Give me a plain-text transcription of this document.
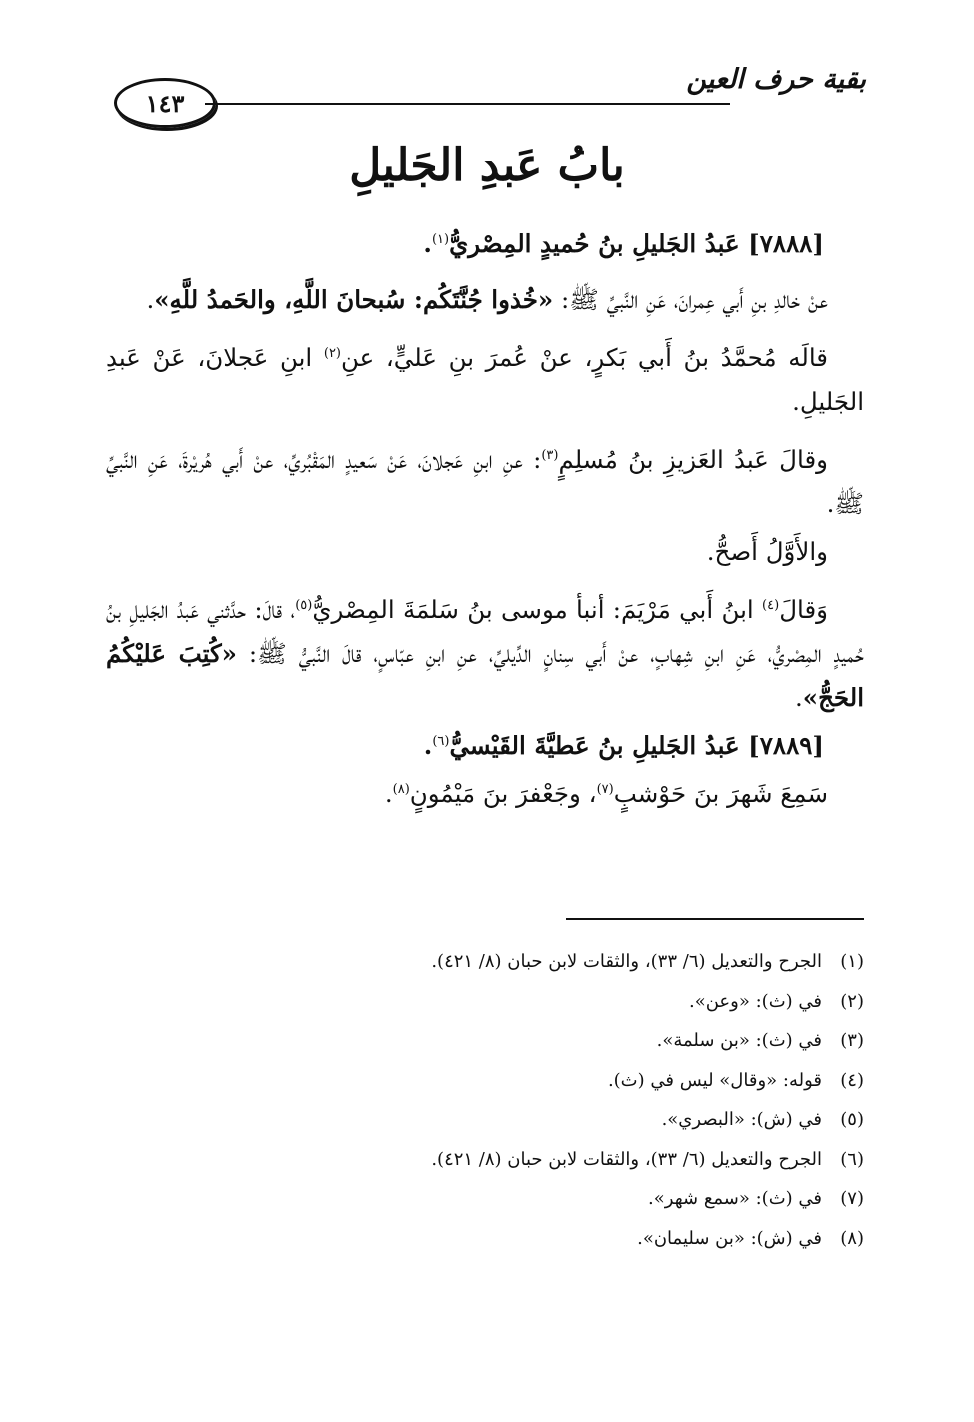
بقية حرف العين
١٤٣
بابُ عَبدِ الجَليلِ

[٧٨٨٨] عَبدُ الجَليلِ بنُ حُميدٍ المِصْريُّ$^{(١)}$.

عنْ خالدِ بنِ أَبي عِمرانَ، عَنِ النَّبيِّ ﷺ: «خُذوا جُنَّتَكُم: سُبحانَ اللَّهِ، والحَمدُ للَّهِ».

قالَه مُحمَّدُ بنُ أَبي بَكرٍ، عنْ عُمرَ بنِ عَليٍّ، عنِ$^{(٢)}$ ابنِ عَجلانَ، عَنْ عَبدِ الجَليلِ.

وقالَ عَبدُ العَزيزِ بنُ مُسلِمٍ$^{(٣)}$: عنِ ابنِ عَجلانَ، عَنْ سَعيدٍ المَقْبُريِّ، عنْ أَبي هُريْرةَ، عَنِ النَّبيِّ ﷺ.

والأَوَّلُ أَصحُّ.

وَقالَ$^{(٤)}$ ابنُ أَبي مَرْيَمَ: أنبأ موسى بنُ سَلمَةَ المِصْريُّ$^{(٥)}$، قالَ: حدَّثني عَبدُ الجَليلِ بنُ حُميدٍ المِصْريُّ، عَنِ ابنِ شِهابٍ، عنْ أَبي سِنانٍ الدِّيليِّ، عنِ ابنِ عبّاسٍ، قالَ النَّبيُّ ﷺ: «كُتِبَ عَليْكُمُ الحَجُّ».

[٧٨٨٩] عَبدُ الجَليلِ بنُ عَطيَّةَ القَيْسيُّ$^{(٦)}$.

سَمِعَ شَهرَ بنَ حَوْشبٍ$^{(٧)}$، وجَعْفرَ بنَ مَيْمُونٍ$^{(٨)}$.

(١)الجرح والتعديل (٦/ ٣٣)، والثقات لابن حبان (٨/ ٤٢١).
(٢)في (ث): «وعن».
(٣)في (ث): «بن سلمة».
(٤)قوله: «وقال» ليس في (ث).
(٥)في (ش): «البصري».
(٦)الجرح والتعديل (٦/ ٣٣)، والثقات لابن حبان (٨/ ٤٢١).
(٧)في (ث): «سمع شهر».
(٨)في (ش): «بن سليمان».
